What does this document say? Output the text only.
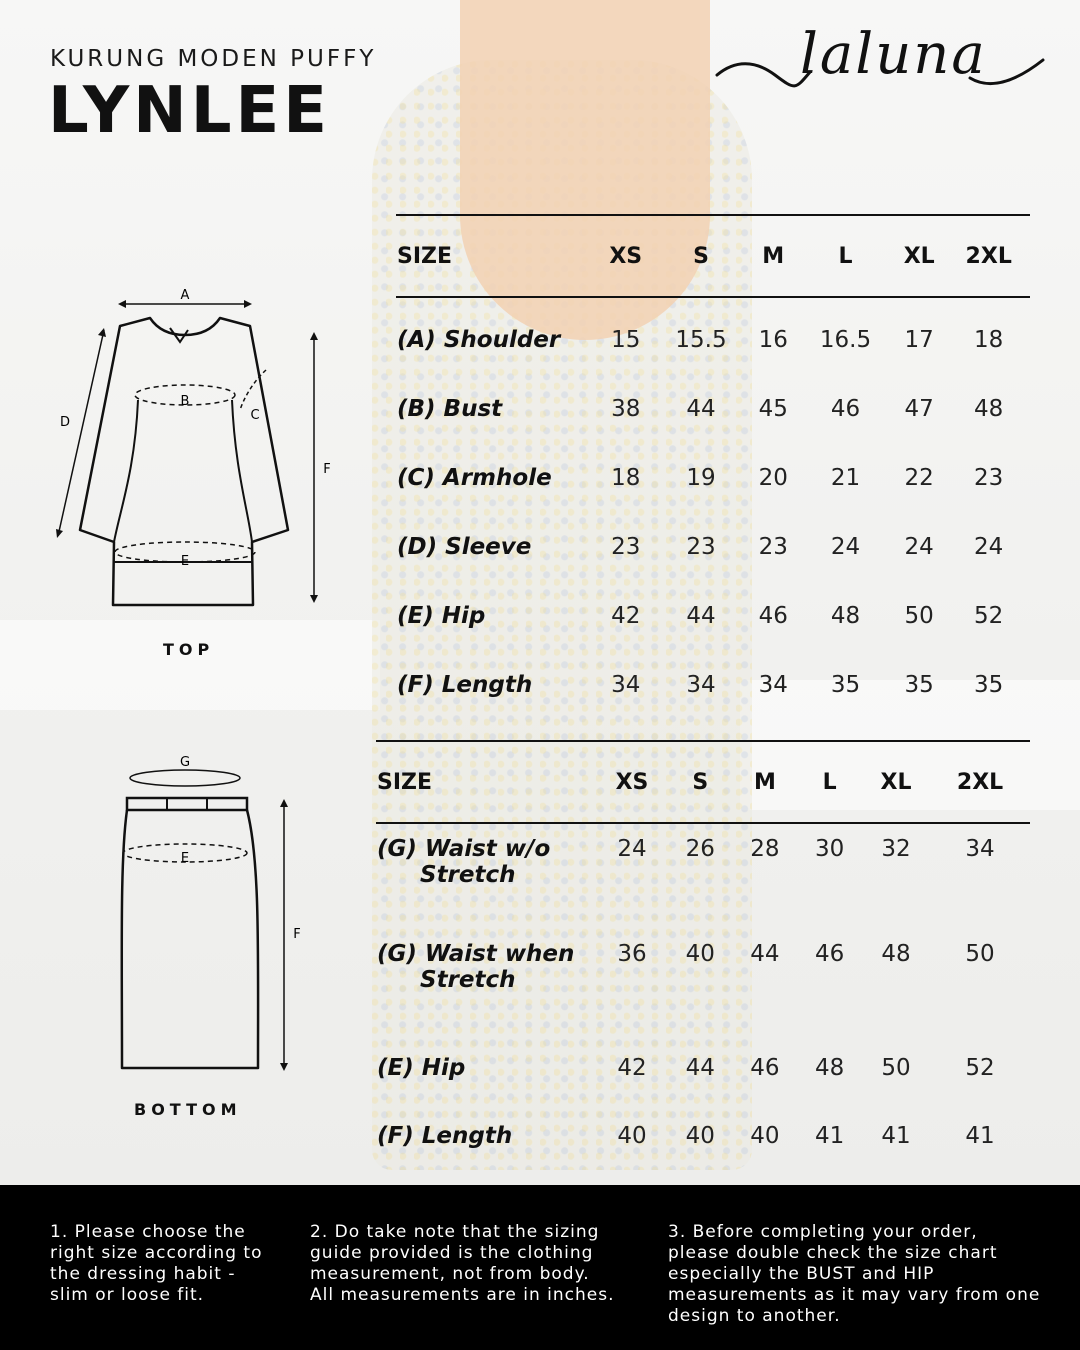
KURUNG MODEN PUFFY
LYNLEE
laluna
A
B
C
D
E
F
TOP
G
E
F
BOTTOM
SIZE	XS	S	M	L	XL	2XL
(A) Shoulder	15	15.5	16	16.5	17	18
(B) Bust	38	44	45	46	47	48
(C) Armhole	18	19	20	21	22	23
(D) Sleeve	23	23	23	24	24	24
(E) Hip	42	44	46	48	50	52
(F) Length	34	34	34	35	35	35
SIZE	XS	S	M	L	XL	2XL
(G) Waist w/o
Stretch	24	26	28	30	32	34
(G) Waist when
Stretch	36	40	44	46	48	50
(E) Hip	42	44	46	48	50	52
(F) Length	40	40	40	41	41	41
1. Please choose the right size according to the dressing habit - slim or loose fit.
2. Do take note that the sizing guide provided is the clothing measurement, not from body. All measurements are in inches.
3. Before completing your order, please double check the size chart especially the BUST and HIP measurements as it may vary from one design to another.
